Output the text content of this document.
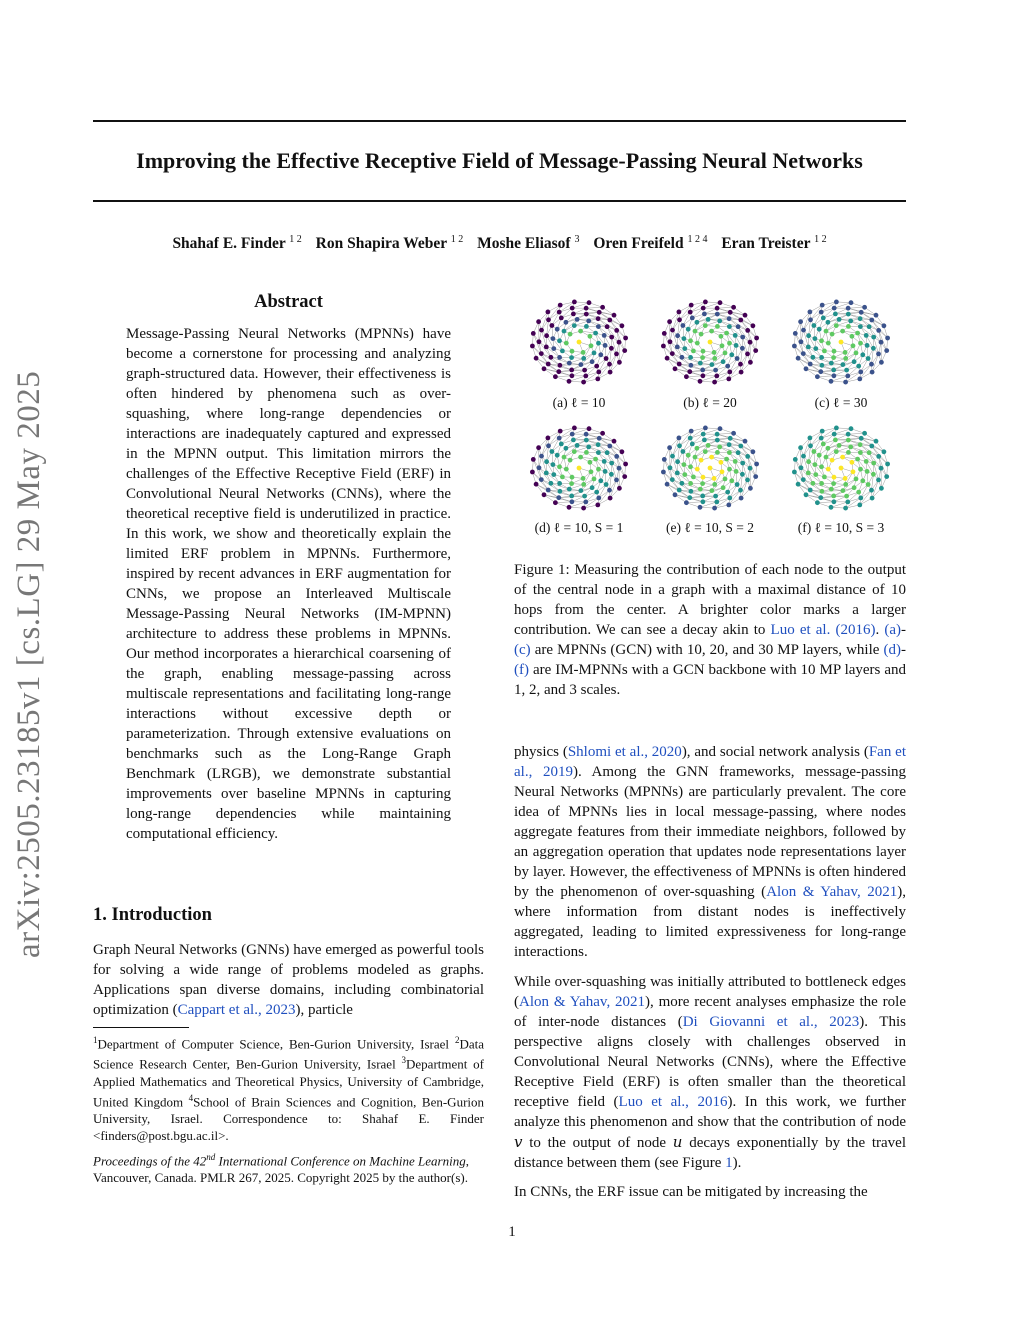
Improving the Effective Receptive Field of Message-Passing Neural Networks
Shahaf E. Finder $^{1 2}$ Ron Shapira Weber $^{1 2}$ Moshe Eliasof $^3$ Oren Freifeld $^{1 2 4}$ Eran Treister $^{1 2}$
arXiv:2505.23185v1 [cs.LG] 29 May 2025
Abstract
Message-Passing Neural Networks (MPNNs) have become a cornerstone for processing and analyzing graph-structured data. However, their effectiveness is often hindered by phenomena such as over-squashing, where long-range dependencies or interactions are inadequately captured and expressed in the MPNN output. This limitation mirrors the challenges of the Effective Receptive Field (ERF) in Convolutional Neural Networks (CNNs), where the theoretical receptive field is underutilized in practice. In this work, we show and theoretically explain the limited ERF problem in MPNNs. Furthermore, inspired by recent advances in ERF augmentation for CNNs, we propose an Interleaved Multiscale Message-Passing Neural Networks (IM-MPNN) architecture to address these problems in MPNNs. Our method incorporates a hierarchical coarsening of the graph, enabling message-passing across multiscale representations and facilitating long-range interactions without excessive depth or parameterization. Through extensive evaluations on benchmarks such as the Long-Range Graph Benchmark (LRGB), we demonstrate substantial improvements over baseline MPNNs in capturing long-range dependencies while maintaining computational efficiency.
1. Introduction
Graph Neural Networks (GNNs) have emerged as powerful tools for solving a wide range of problems modeled as graphs. Applications span diverse domains, including combinatorial optimization (Cappart et al., 2023), particle
$^1$Department of Computer Science, Ben-Gurion University, Israel $^2$Data Science Research Center, Ben-Gurion University, Israel $^3$Department of Applied Mathematics and Theoretical Physics, University of Cambridge, United Kingdom $^4$School of Brain Sciences and Cognition, Ben-Gurion University, Israel. Correspondence to: Shahaf E. Finder <finders@post.bgu.ac.il>.
Proceedings of the 42nd International Conference on Machine Learning, Vancouver, Canada. PMLR 267, 2025. Copyright 2025 by the author(s).
(a) ℓ = 10	(b) ℓ = 20	(c) ℓ = 30
(d) ℓ = 10, S = 1	(e) ℓ = 10, S = 2	(f) ℓ = 10, S = 3
Figure 1: Measuring the contribution of each node to the output of the central node in a graph with a maximal distance of 10 hops from the center. A brighter color marks a larger contribution. We can see a decay akin to Luo et al. (2016). (a)-(c) are MPNNs (GCN) with 10, 20, and 30 MP layers, while (d)-(f) are IM-MPNNs with a GCN backbone with 10 MP layers and 1, 2, and 3 scales.
physics (Shlomi et al., 2020), and social network analysis (Fan et al., 2019). Among the GNN frameworks, message-passing Neural Networks (MPNNs) are particularly prevalent. The core idea of MPNNs lies in local message-passing, where nodes aggregate features from their immediate neighbors, followed by an aggregation operation that updates node representations layer by layer. However, the effectiveness of MPNNs is often hindered by the phenomenon of over-squashing (Alon & Yahav, 2021), where information from distant nodes is ineffectively aggregated, leading to limited expressiveness for long-range interactions.
While over-squashing was initially attributed to bottleneck edges (Alon & Yahav, 2021), more recent analyses emphasize the role of inter-node distances (Di Giovanni et al., 2023). This perspective aligns closely with challenges observed in Convolutional Neural Networks (CNNs), where the Effective Receptive Field (ERF) is often smaller than the theoretical receptive field (Luo et al., 2016). In this work, we further analyze this phenomenon and show that the contribution of node v to the output of node u decays exponentially by the travel distance between them (see Figure 1).
In CNNs, the ERF issue can be mitigated by increasing the
1
